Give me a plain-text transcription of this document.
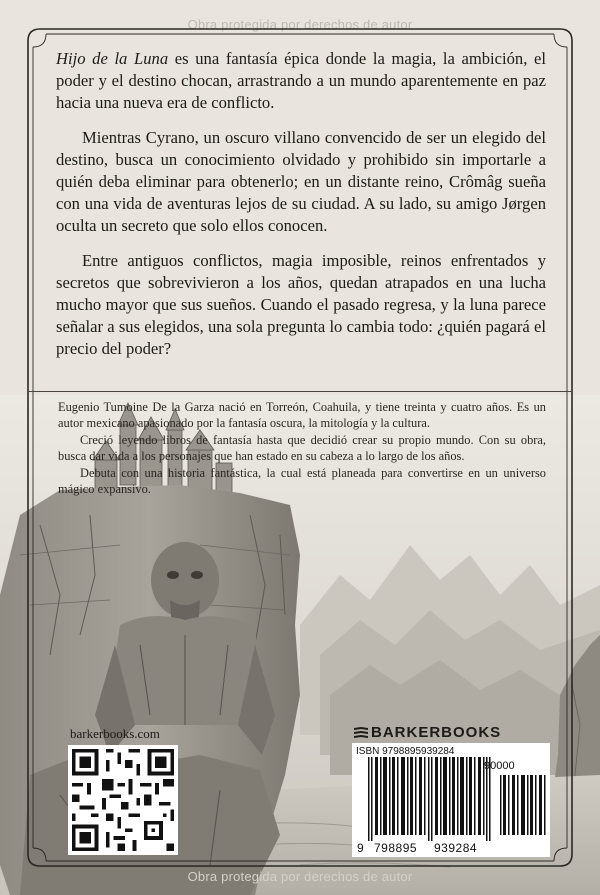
Obra protegida por derechos de autor

Hijo de la Luna es una fantasía épica donde la magia, la ambición, el poder y el destino chocan, arrastrando a un mundo aparentemente en paz hacia una nueva era de conflicto.

Mientras Cyrano, un oscuro villano convencido de ser un elegido del destino, busca un conocimiento olvidado y prohibido sin importarle a quién deba eliminar para obtenerlo; en un distante reino, Crômâg sueña con una vida de aventuras lejos de su ciudad. A su lado, su amigo Jørgen oculta un secreto que solo ellos conocen.

Entre antiguos conflictos, magia imposible, reinos enfrentados y secretos que sobrevivieron a los años, quedan atrapados en una lucha mucho mayor que sus sueños. Cuando el pasado regresa, y la luna parece señalar a sus elegidos, una sola pregunta lo cambia todo: ¿quién pagará el precio del poder?

Eugenio Tumoine De la Garza nació en Torreón, Coahuila, y tiene treinta y cuatro años. Es un autor mexicano apasionado por la fantasía oscura, la mitología y la cultura.

Creció leyendo libros de fantasía hasta que decidió crear su propio mundo. Con su obra, busca dar vida a los personajes que han estado en su cabeza a lo largo de los años.

Debuta con una historia fantástica, la cual está planeada para convertirse en un universo mágico expansivo.

barkerbooks.com	BARKERBOOKS
ISBN 9798895939284
90000
9 798895 939284
Obra protegida por derechos de autor
